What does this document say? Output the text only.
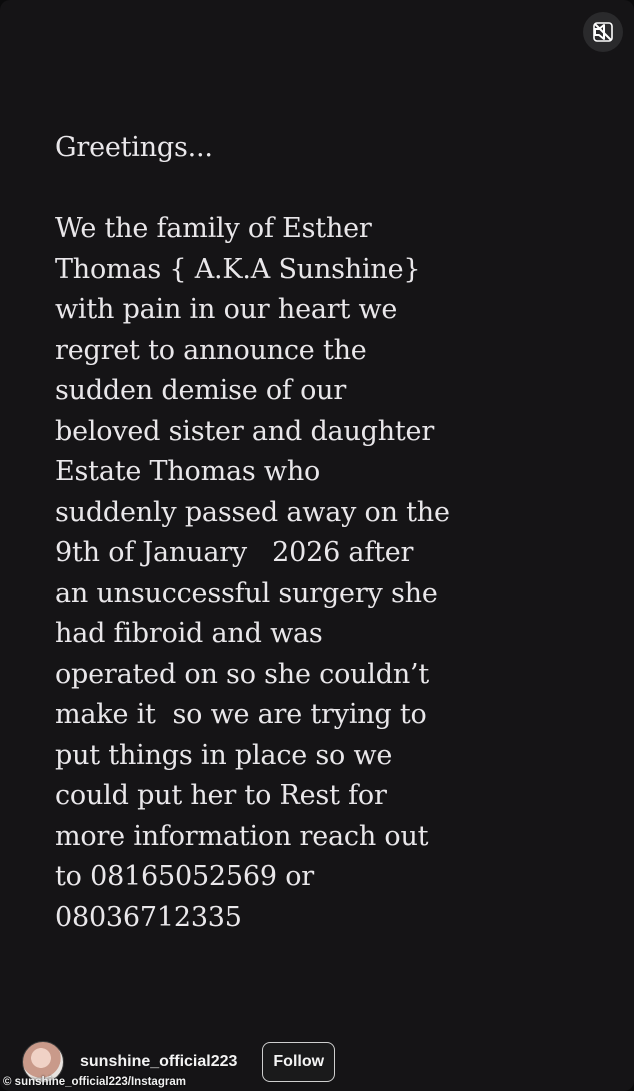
Greetings...
We the family of Esther
Thomas { A.K.A Sunshine}
with pain in our heart we
regret to announce the
sudden demise of our
beloved sister and daughter
Estate Thomas who
suddenly passed away on the
9th of January   2026 after
an unsuccessful surgery she
had fibroid and was
operated on so she couldn’t
make it  so we are trying to
put things in place so we
could put her to Rest for
more information reach out
to 08165052569 or
08036712335
sunshine_official223	Follow
© sunshine_official223/Instagram
